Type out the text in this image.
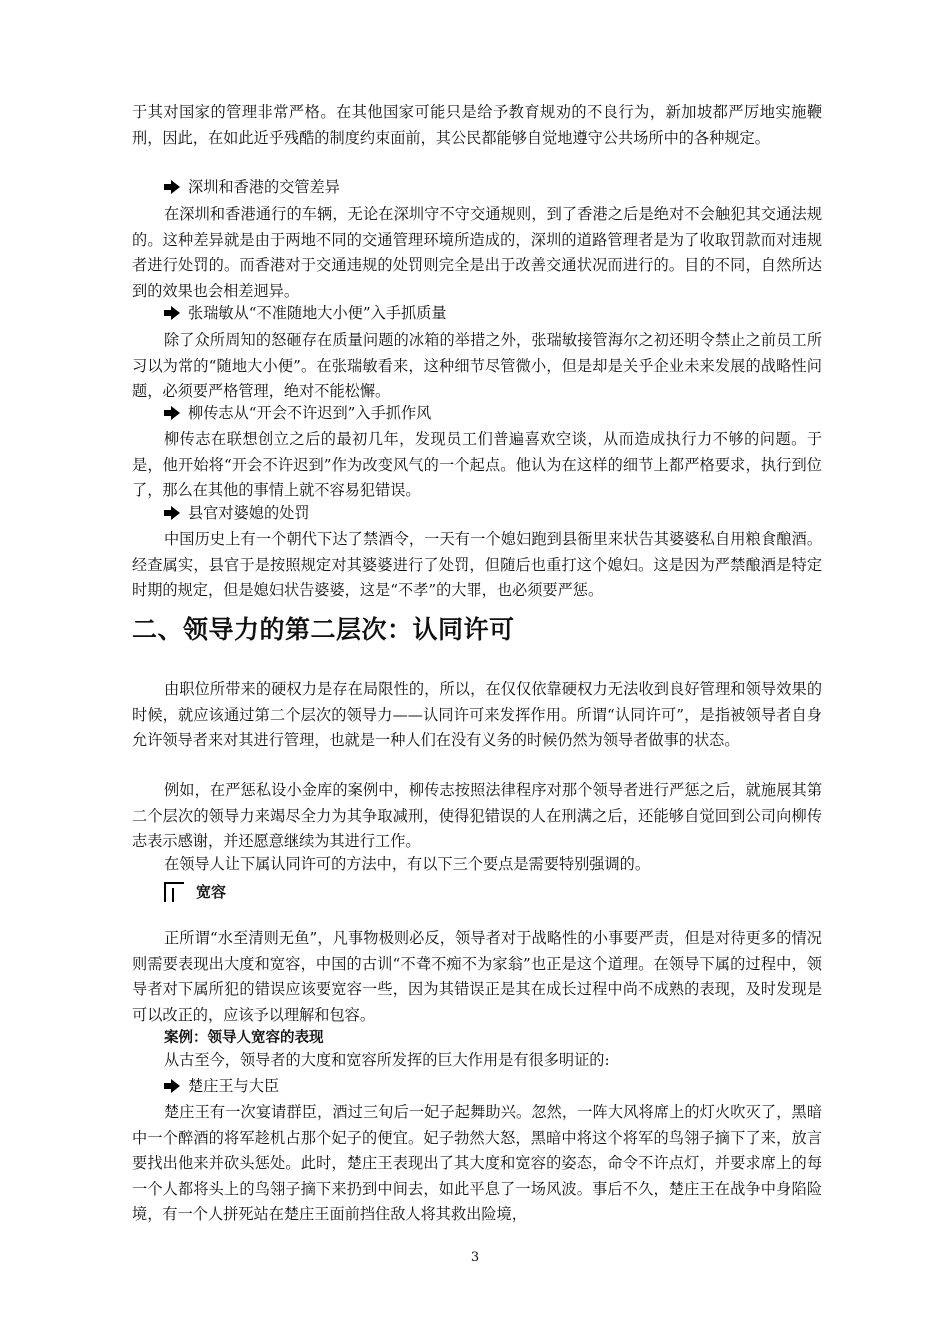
于其对国家的管理非常严格。在其他国家可能只是给予教育规劝的不良行为，新加坡都严厉地实施鞭刑，因此，在如此近乎残酷的制度约束面前，其公民都能够自觉地遵守公共场所中的各种规定。

深圳和香港的交管差异

在深圳和香港通行的车辆，无论在深圳守不守交通规则，到了香港之后是绝对不会触犯其交通法规的。这种差异就是由于两地不同的交通管理环境所造成的，深圳的道路管理者是为了收取罚款而对违规者进行处罚的。而香港对于交通违规的处罚则完全是出于改善交通状况而进行的。目的不同，自然所达到的效果也会相差迥异。

张瑞敏从“不准随地大小便”入手抓质量

除了众所周知的怒砸存在质量问题的冰箱的举措之外，张瑞敏接管海尔之初还明令禁止之前员工所习以为常的“随地大小便”。在张瑞敏看来，这种细节尽管微小，但是却是关乎企业未来发展的战略性问题，必须要严格管理，绝对不能松懈。

柳传志从“开会不许迟到”入手抓作风

柳传志在联想创立之后的最初几年，发现员工们普遍喜欢空谈，从而造成执行力不够的问题。于是，他开始将“开会不许迟到”作为改变风气的一个起点。他认为在这样的细节上都严格要求，执行到位了，那么在其他的事情上就不容易犯错误。

县官对婆媳的处罚

中国历史上有一个朝代下达了禁酒令，一天有一个媳妇跑到县衙里来状告其婆婆私自用粮食酿酒。经查属实，县官于是按照规定对其婆婆进行了处罚，但随后也重打这个媳妇。这是因为严禁酿酒是特定时期的规定，但是媳妇状告婆婆，这是“不孝”的大罪，也必须要严惩。

二、领导力的第二层次：认同许可

由职位所带来的硬权力是存在局限性的，所以，在仅仅依靠硬权力无法收到良好管理和领导效果的时候，就应该通过第二个层次的领导力——认同许可来发挥作用。所谓“认同许可”，是指被领导者自身允许领导者来对其进行管理，也就是一种人们在没有义务的时候仍然为领导者做事的状态。

例如，在严惩私设小金库的案例中，柳传志按照法律程序对那个领导者进行严惩之后，就施展其第二个层次的领导力来竭尽全力为其争取减刑，使得犯错误的人在刑满之后，还能够自觉回到公司向柳传志表示感谢，并还愿意继续为其进行工作。

在领导人让下属认同许可的方法中，有以下三个要点是需要特别强调的。

宽容

正所谓“水至清则无鱼”，凡事物极则必反，领导者对于战略性的小事要严责，但是对待更多的情况则需要表现出大度和宽容，中国的古训“不聋不痴不为家翁”也正是这个道理。在领导下属的过程中，领导者对下属所犯的错误应该要宽容一些，因为其错误正是其在成长过程中尚不成熟的表现，及时发现是可以改正的，应该予以理解和包容。

案例：领导人宽容的表现

从古至今，领导者的大度和宽容所发挥的巨大作用是有很多明证的:

楚庄王与大臣

楚庄王有一次宴请群臣，酒过三旬后一妃子起舞助兴。忽然，一阵大风将席上的灯火吹灭了，黑暗中一个醉酒的将军趁机占那个妃子的便宜。妃子勃然大怒，黑暗中将这个将军的鸟翎子摘下了来，放言要找出他来并砍头惩处。此时，楚庄王表现出了其大度和宽容的姿态，命令不许点灯，并要求席上的每一个人都将头上的鸟翎子摘下来扔到中间去，如此平息了一场风波。事后不久，楚庄王在战争中身陷险境，有一个人拼死站在楚庄王面前挡住敌人将其救出险境，

3
